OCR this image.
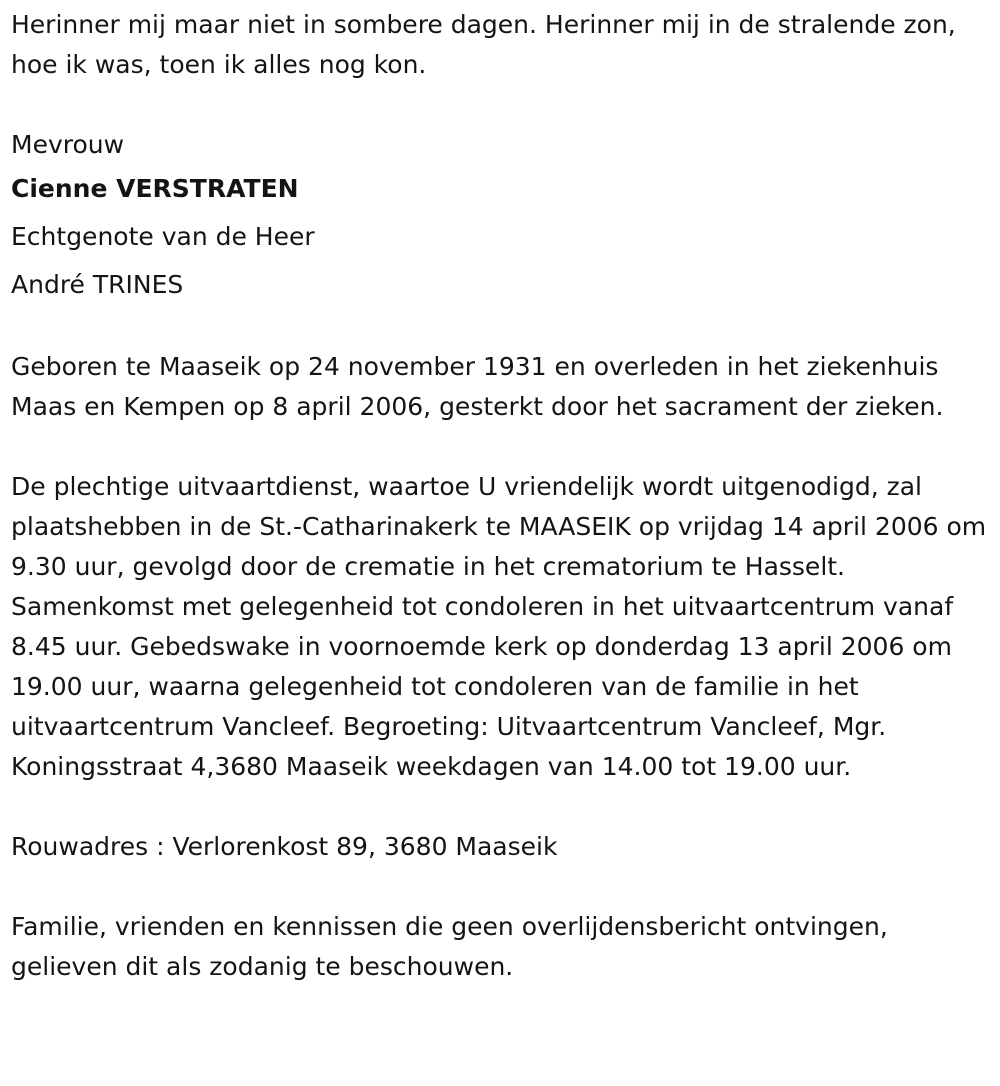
Herinner mij maar niet in sombere dagen. Herinner mij in de stralende zon, hoe ik was, toen ik alles nog kon.

Mevrouw

Cienne VERSTRATEN

Echtgenote van de Heer

André TRINES

Geboren te Maaseik op 24 november 1931 en overleden in het ziekenhuis Maas en Kempen op 8 april 2006, gesterkt door het sacrament der zieken.

De plechtige uitvaartdienst, waartoe U vriendelijk wordt uitgenodigd, zal plaatshebben in de St.-Catharinakerk te MAASEIK op vrijdag 14 april 2006 om 9.30 uur, gevolgd door de crematie in het crematorium te Hasselt. Samenkomst met gelegenheid tot condoleren in het uitvaartcentrum vanaf 8.45 uur. Gebedswake in voornoemde kerk op donderdag 13 april 2006 om 19.00 uur, waarna gelegenheid tot condoleren van de familie in het uitvaartcentrum Vancleef. Begroeting: Uitvaartcentrum Vancleef, Mgr. Koningsstraat 4,3680 Maaseik weekdagen van 14.00 tot 19.00 uur.

Rouwadres : Verlorenkost 89, 3680 Maaseik

Familie, vrienden en kennissen die geen overlijdensbericht ontvingen, gelieven dit als zodanig te beschouwen.
